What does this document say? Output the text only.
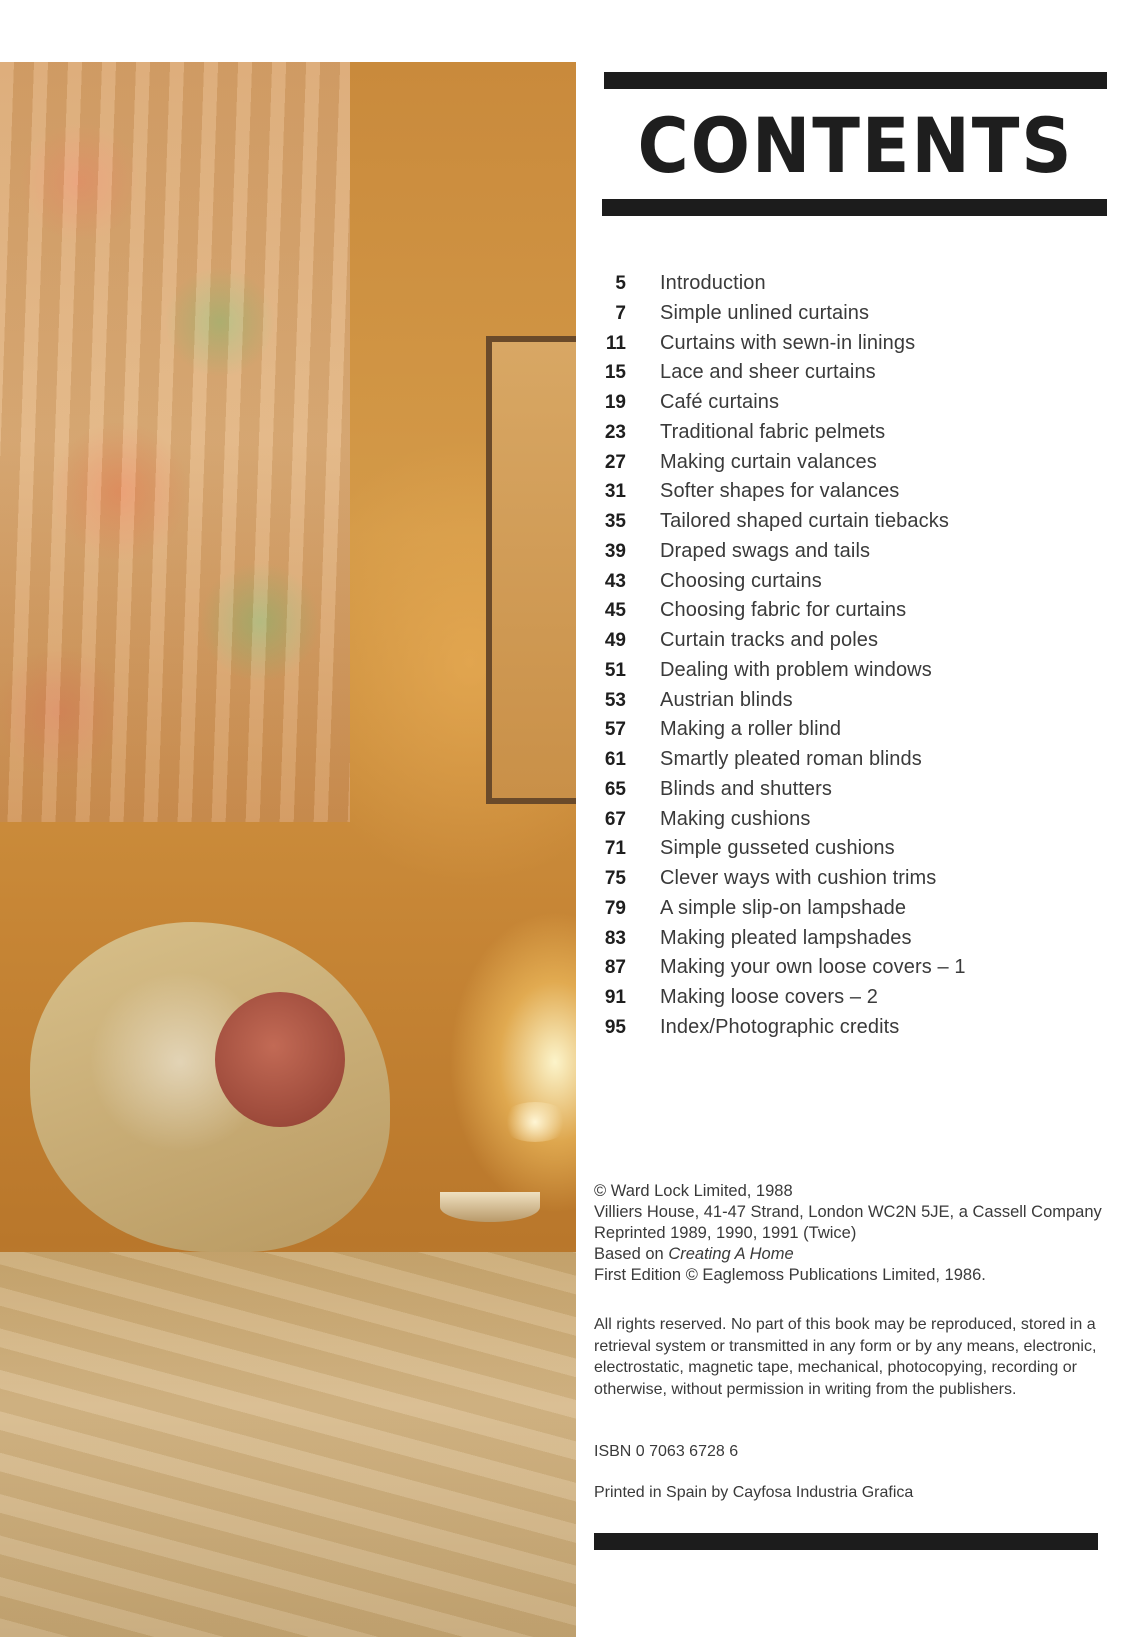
CONTENTS
5 Introduction
7 Simple unlined curtains
11 Curtains with sewn-in linings
15 Lace and sheer curtains
19 Café curtains
23 Traditional fabric pelmets
27 Making curtain valances
31 Softer shapes for valances
35 Tailored shaped curtain tiebacks
39 Draped swags and tails
43 Choosing curtains
45 Choosing fabric for curtains
49 Curtain tracks and poles
51 Dealing with problem windows
53 Austrian blinds
57 Making a roller blind
61 Smartly pleated roman blinds
65 Blinds and shutters
67 Making cushions
71 Simple gusseted cushions
75 Clever ways with cushion trims
79 A simple slip-on lampshade
83 Making pleated lampshades
87 Making your own loose covers – 1
91 Making loose covers – 2
95 Index/Photographic credits
© Ward Lock Limited, 1988
Villiers House, 41-47 Strand, London WC2N 5JE, a Cassell Company
Reprinted 1989, 1990, 1991 (Twice)
Based on Creating A Home
First Edition © Eaglemoss Publications Limited, 1986.
All rights reserved. No part of this book may be reproduced, stored in a retrieval system or transmitted in any form or by any means, electronic, electrostatic, magnetic tape, mechanical, photocopying, recording or otherwise, without permission in writing from the publishers.
ISBN 0 7063 6728 6
Printed in Spain by Cayfosa Industria Grafica
